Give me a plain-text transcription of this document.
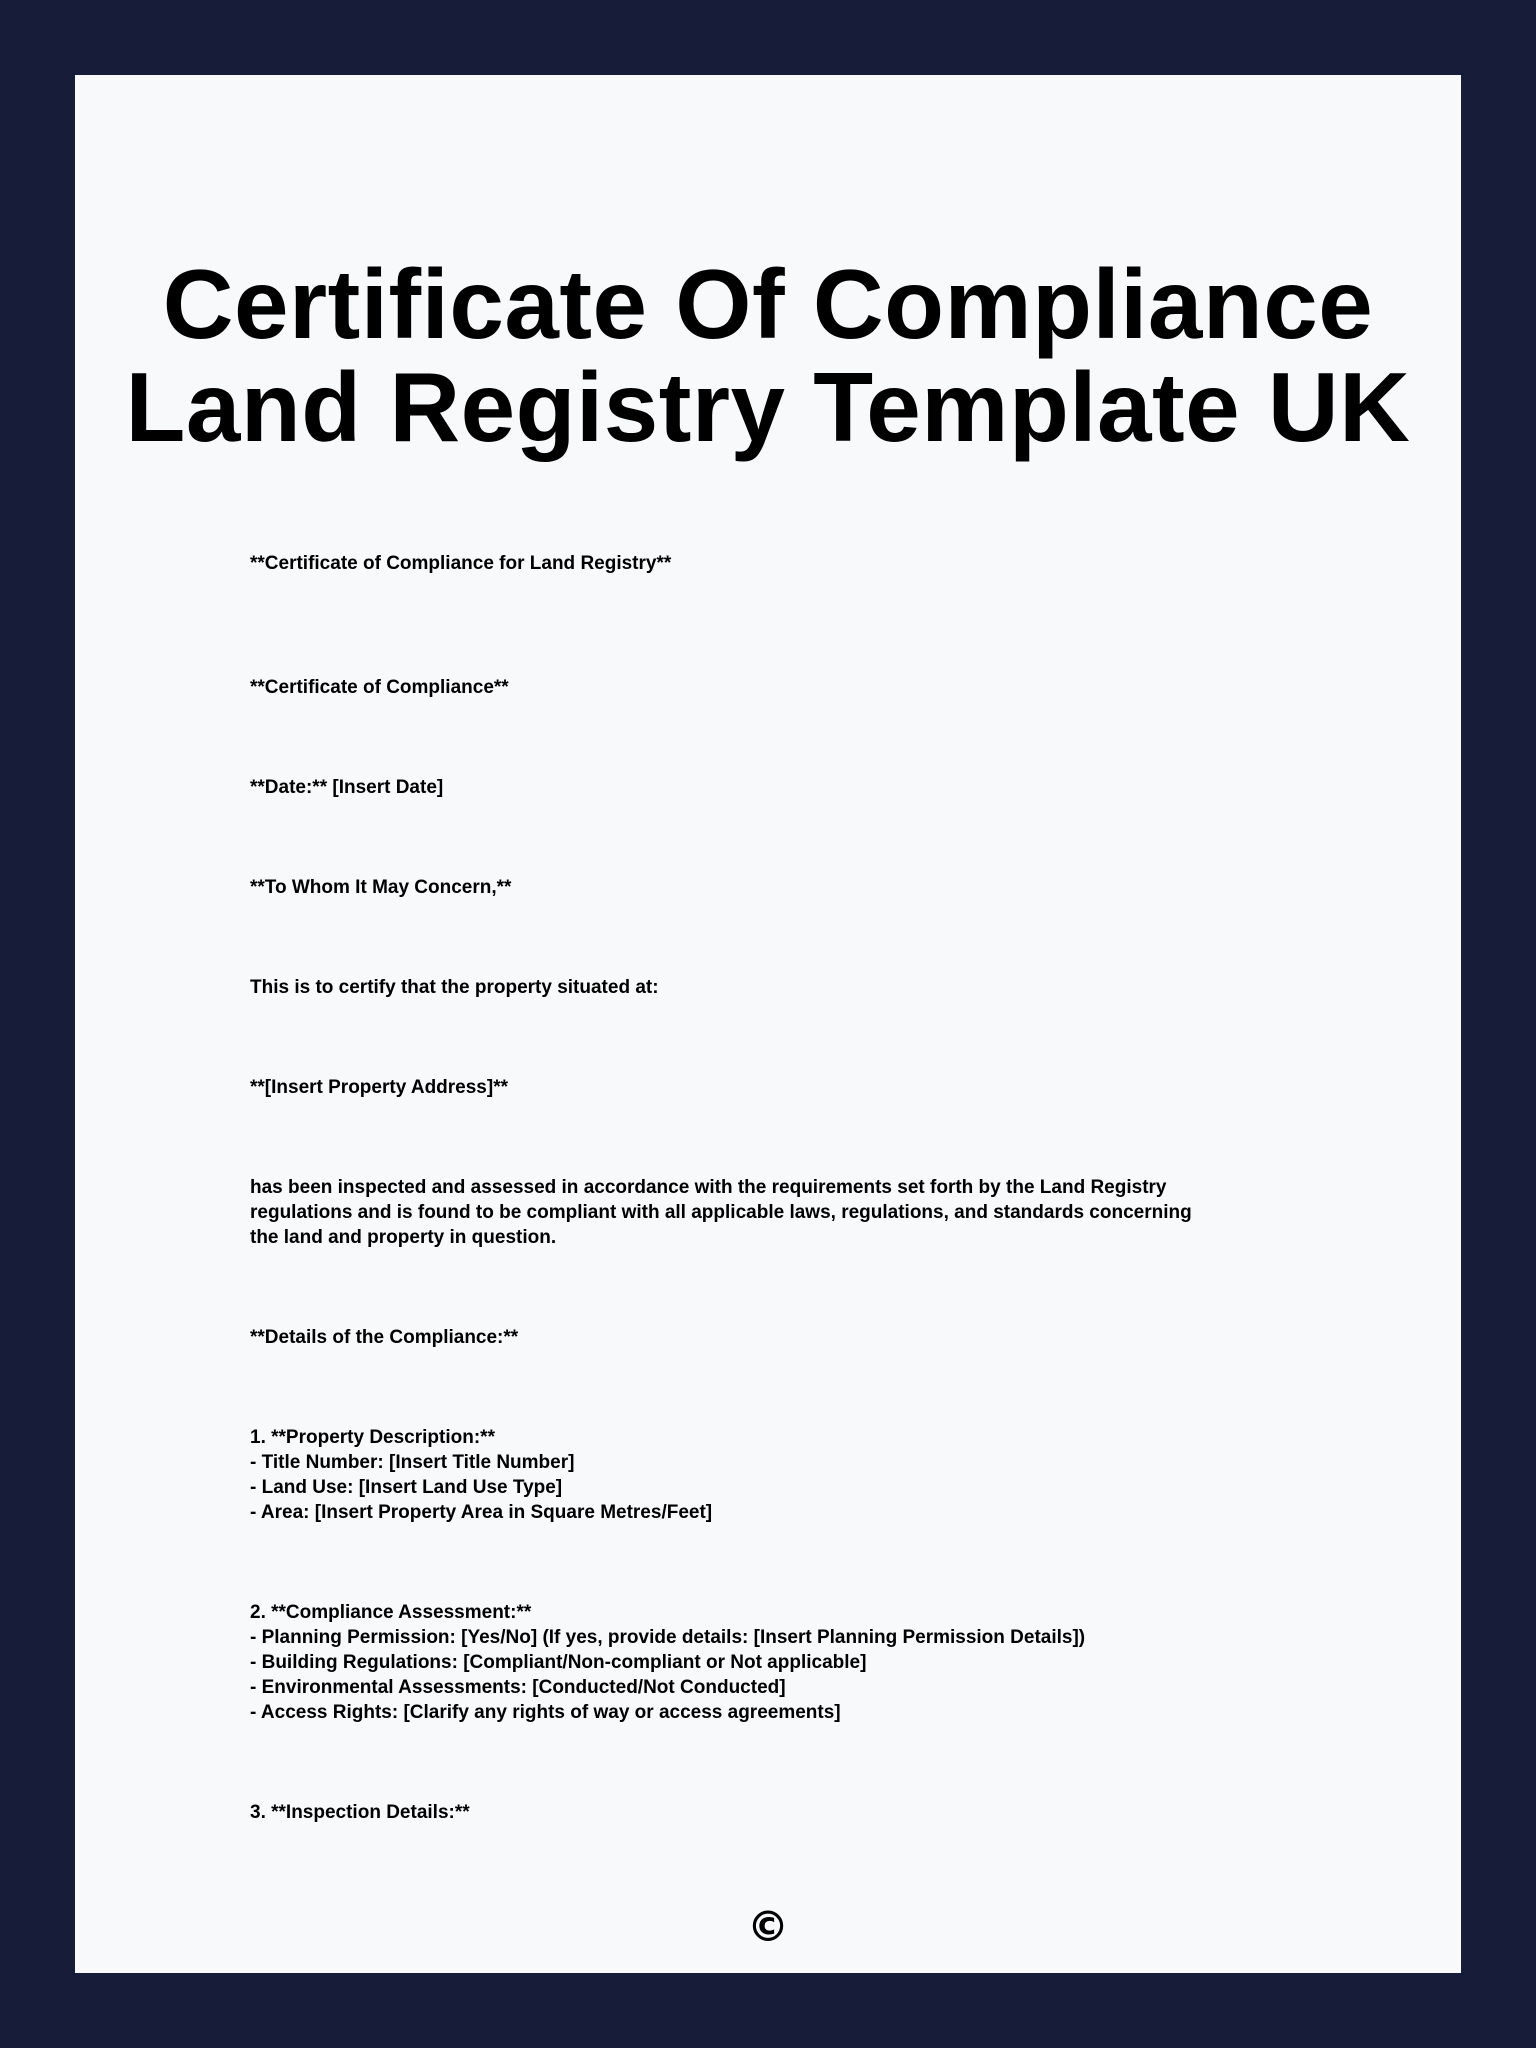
Certificate Of Compliance
Land Registry Template UK

**Certificate of Compliance for Land Registry**

**Certificate of Compliance**

**Date:** [Insert Date]

**To Whom It May Concern,**

This is to certify that the property situated at:

**[Insert Property Address]**

has been inspected and assessed in accordance with the requirements set forth by the Land Registry
regulations and is found to be compliant with all applicable laws, regulations, and standards concerning
the land and property in question.

**Details of the Compliance:**

1. **Property Description:**
- Title Number: [Insert Title Number]
- Land Use: [Insert Land Use Type]
- Area: [Insert Property Area in Square Metres/Feet]

2. **Compliance Assessment:**
- Planning Permission: [Yes/No] (If yes, provide details: [Insert Planning Permission Details])
- Building Regulations: [Compliant/Non-compliant or Not applicable]
- Environmental Assessments: [Conducted/Not Conducted]
- Access Rights: [Clarify any rights of way or access agreements]

3. **Inspection Details:**

©
